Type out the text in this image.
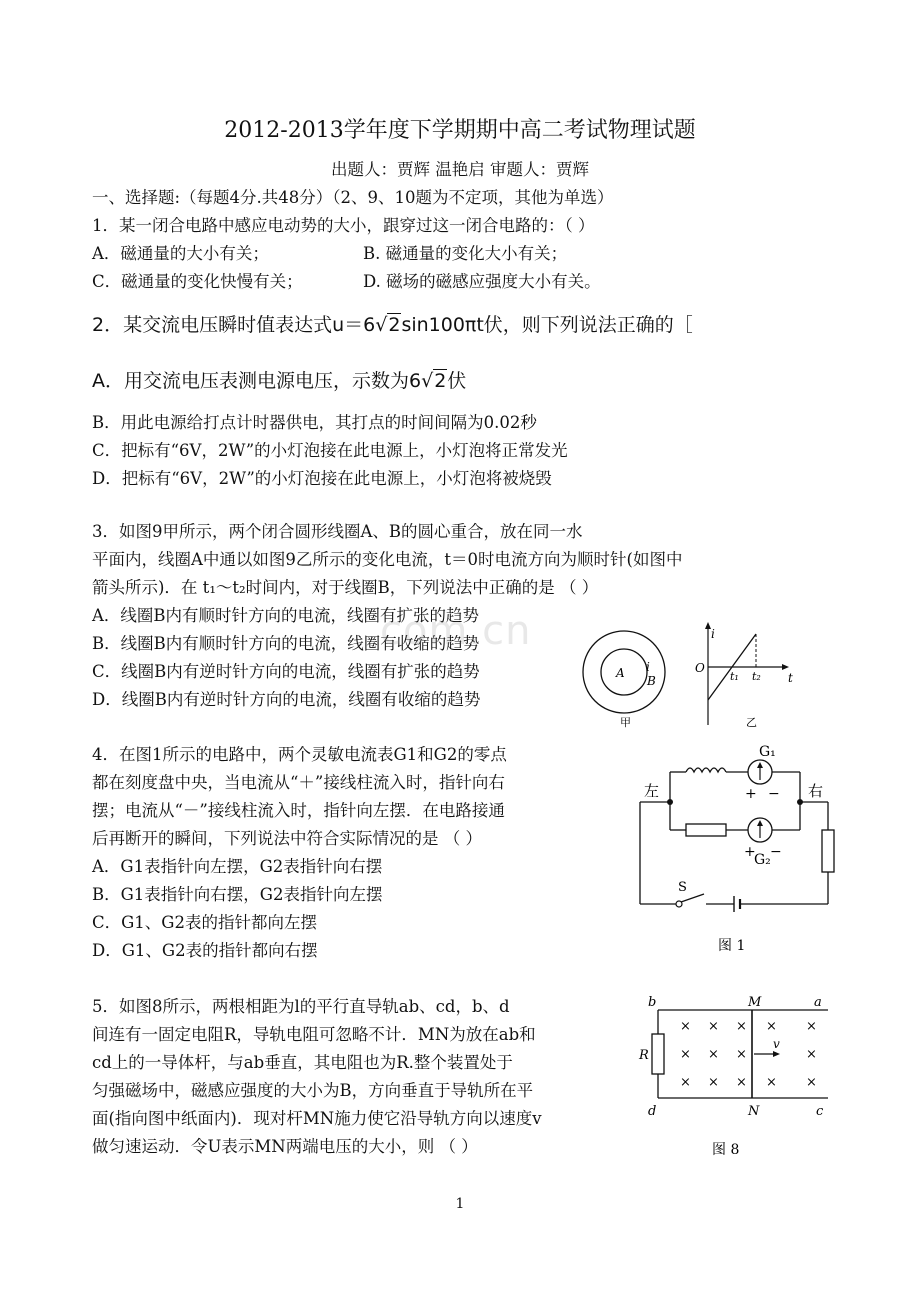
2012-2013学年度下学期期中高二考试物理试题
出题人：贾辉 温艳启 审题人：贾辉
一、选择题:（每题4分.共48分）（2、9、10题为不定项，其他为单选）
1．某一闭合电路中感应电动势的大小，跟穿过这一闭合电路的：（ ）
A．磁通量的大小有关；	B. 磁通量的变化大小有关；
C．磁通量的变化快慢有关；	D. 磁场的磁感应强度大小有关。
2．某交流电压瞬时值表达式u＝6√2sin100πt伏，则下列说法正确的［
A．用交流电压表测电源电压，示数为6√2伏
B．用此电源给打点计时器供电，其打点的时间间隔为0.02秒
C．把标有“6V，2W”的小灯泡接在此电源上，小灯泡将正常发光
D．把标有“6V，2W”的小灯泡接在此电源上，小灯泡将被烧毁
3．如图9甲所示，两个闭合圆形线圈A、B的圆心重合，放在同一水
平面内，线圈A中通以如图9乙所示的变化电流，t＝0时电流方向为顺时针(如图中
箭头所示)．在 t₁～t₂时间内，对于线圈B，下列说法中正确的是 （ ）
A．线圈B内有顺时针方向的电流，线圈有扩张的趋势
B．线圈B内有顺时针方向的电流，线圈有收缩的趋势
C．线圈B内有逆时针方向的电流，线圈有扩张的趋势
D．线圈B内有逆时针方向的电流，线圈有收缩的趋势
com.cn
A i
B
甲
i
O
t₁ t₂ t
乙
4．在图1所示的电路中，两个灵敏电流表G1和G2的零点
都在刻度盘中央，当电流从“＋”接线柱流入时，指针向右
摆；电流从“－”接线柱流入时，指针向左摆．在电路接通
后再断开的瞬间，下列说法中符合实际情况的是 （ ）
A．G1表指针向左摆，G2表指针向右摆
B．G1表指针向右摆，G2表指针向左摆
C．G1、G2表的指针都向左摆
D．G1、G2表的指针都向右摆
G₁
+ −
+ −
G₂
左	右
S
图 1
5．如图8所示，两根相距为l的平行直导轨ab、cd，b、d
间连有一固定电阻R，导轨电阻可忽略不计．MN为放在ab和
cd上的一导体杆，与ab垂直，其电阻也为R.整个装置处于
匀强磁场中，磁感应强度的大小为B，方向垂直于导轨所在平
面(指向图中纸面内)．现对杆MN施力使它沿导轨方向以速度v
做匀速运动．令U表示MN两端电压的大小，则 （ ）
b	M	a
R
v
× × × × ×
× × ×	×
× × × × ×
d	N	c
图 8
1
